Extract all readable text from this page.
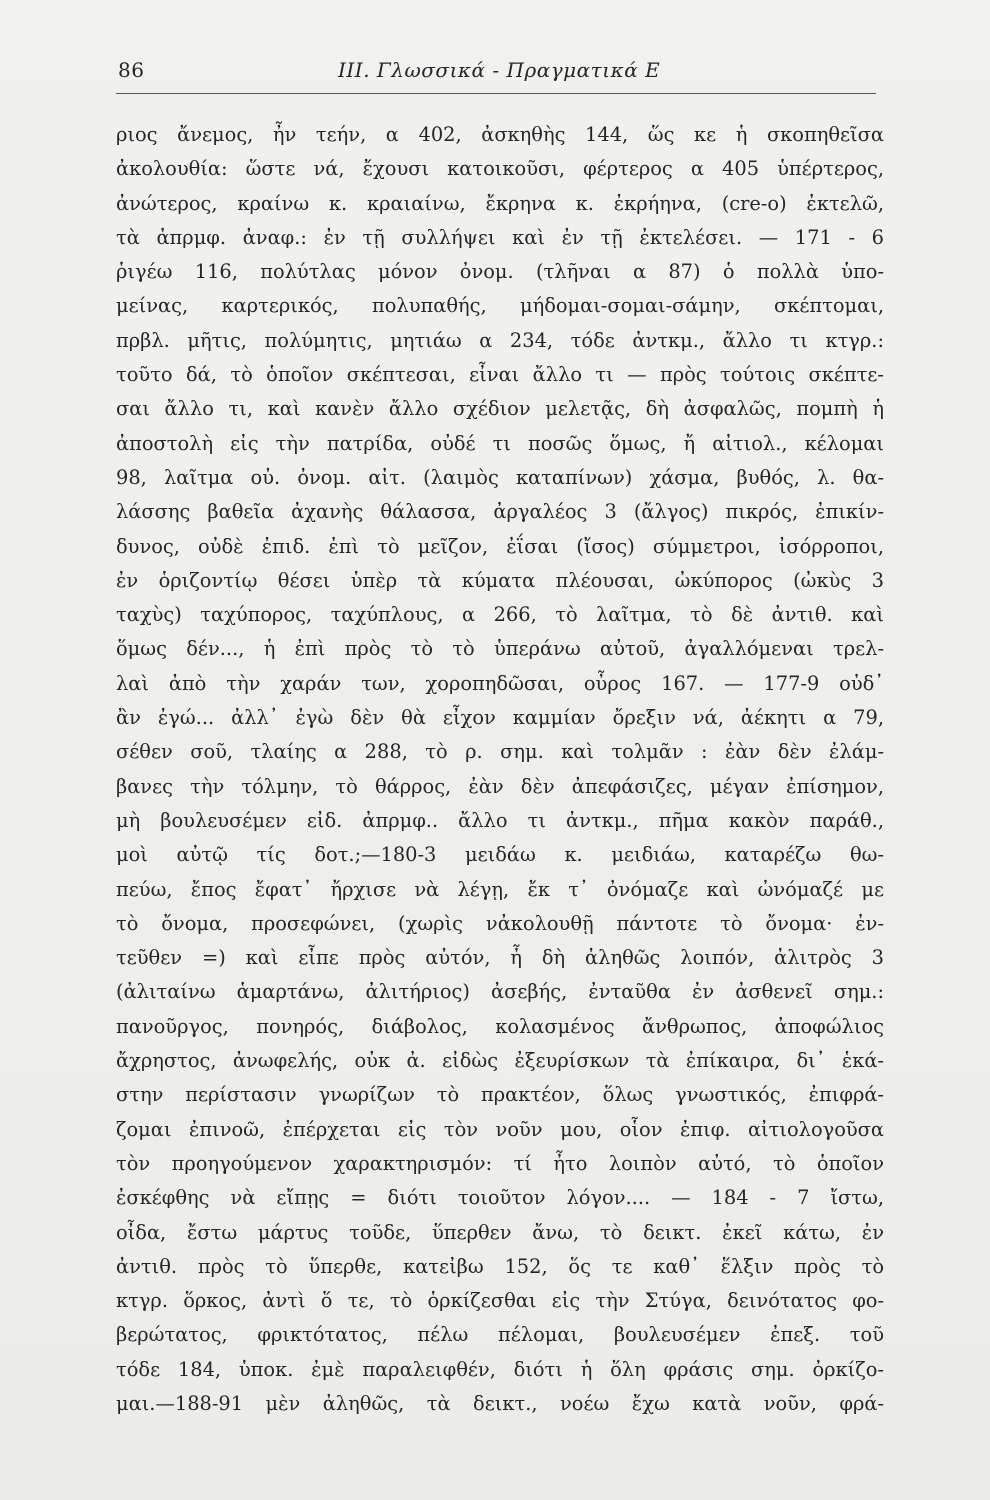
86	III. Γλωσσικά - Πραγματικά Ε
ριος ἄνεμος, ἦν τεήν, α 402, ἀσκηθὴς 144, ὥς κε ἡ σκοπηθεῖσα
ἀκολουθία: ὥστε νά, ἔχουσι κατοικοῦσι, φέρτερος α 405 ὑπέρτερος,
ἀνώτερος, κραίνω κ. κραιαίνω, ἔκρηνα κ. ἐκρήηνα, (cre-o) ἐκτελῶ,
τὰ ἀπρμφ. ἀναφ.: ἐν τῇ συλλήψει καὶ ἐν τῇ ἐκτελέσει. — 171 - 6
ῥιγέω 116, πολύτλας μόνον ὀνομ. (τλῆναι α 87) ὁ πολλὰ ὑπο-
μείνας, καρτερικός, πολυπαθής, μήδομαι-σομαι-σάμην, σκέπτομαι,
πρβλ. μῆτις, πολύμητις, μητιάω α 234, τόδε ἀντκμ., ἄλλο τι κτγρ.:
τοῦτο δά, τὸ ὁποῖον σκέπτεσαι, εἶναι ἄλλο τι — πρὸς τούτοις σκέπτε-
σαι ἄλλο τι, καὶ κανὲν ἄλλο σχέδιον μελετᾷς, δὴ ἀσφαλῶς, πομπὴ ἡ
ἀποστολὴ εἰς τὴν πατρίδα, οὐδέ τι ποσῶς ὅμως, ἤ αἰτιολ., κέλομαι
98, λαῖτμα οὐ. ὀνομ. αἰτ. (λαιμὸς καταπίνων) χάσμα, βυθός, λ. θα-
λάσσης βαθεῖα ἀχανὴς θάλασσα, ἀργαλέος 3 (ἄλγος) πικρός, ἐπικίν-
δυνος, οὐδὲ ἐπιδ. ἐπὶ τὸ μεῖζον, ἐΐσαι (ἴσος) σύμμετροι, ἰσόρροποι,
ἐν ὁριζοντίῳ θέσει ὑπὲρ τὰ κύματα πλέουσαι, ὠκύπορος (ὠκὺς 3
ταχὺς) ταχύπορος, ταχύπλους, α 266, τὸ λαῖτμα, τὸ δὲ ἀντιθ. καὶ
ὅμως δέν..., ἡ ἐπὶ πρὸς τὸ τὸ ὑπεράνω αὐτοῦ, ἀγαλλόμεναι τρελ-
λαὶ ἀπὸ τὴν χαράν των, χοροπηδῶσαι, οὖρος 167. — 177-9 οὐδ᾿
ἂν ἐγώ... ἀλλ᾿ ἐγὼ δὲν θὰ εἶχον καμμίαν ὄρεξιν νά, ἀέκητι α 79,
σέθεν σοῦ, τλαίης α 288, τὸ ρ. σημ. καὶ τολμᾶν : ἐὰν δὲν ἐλάμ-
βανες τὴν τόλμην, τὸ θάρρος, ἐὰν δὲν ἀπεφάσιζες, μέγαν ἐπίσημον,
μὴ βουλευσέμεν εἰδ. ἀπρμφ.. ἄλλο τι ἀντκμ., πῆμα κακὸν παράθ.,
μοὶ αὐτῷ τίς δοτ.;—180-3 μειδάω κ. μειδιάω, καταρέζω θω-
πεύω, ἔπος ἔφατ᾿ ἤρχισε νὰ λέγῃ, ἔκ τ᾿ ὀνόμαζε καὶ ὠνόμαζέ με
τὸ ὄνομα, προσεφώνει, (χωρὶς νἀκολουθῇ πάντοτε τὸ ὄνομα· ἐν-
τεῦθεν =) καὶ εἶπε πρὸς αὐτόν, ἦ δὴ ἀληθῶς λοιπόν, ἀλιτρὸς 3
(ἀλιταίνω ἁμαρτάνω, ἀλιτήριος) ἀσεβής, ἐνταῦθα ἐν ἀσθενεῖ σημ.:
πανοῦργος, πονηρός, διάβολος, κολασμένος ἄνθρωπος, ἀποφώλιος
ἄχρηστος, ἀνωφελής, οὐκ ἀ. εἰδὼς ἐξευρίσκων τὰ ἐπίκαιρα, δι᾿ ἑκά-
στην περίστασιν γνωρίζων τὸ πρακτέον, ὅλως γνωστικός, ἐπιφρά-
ζομαι ἐπινοῶ, ἐπέρχεται εἰς τὸν νοῦν μου, οἷον ἐπιφ. αἰτιολογοῦσα
τὸν προηγούμενον χαρακτηρισμόν: τί ἦτο λοιπὸν αὐτό, τὸ ὁποῖον
ἐσκέφθης νὰ εἴπῃς = διότι τοιοῦτον λόγον.... — 184 - 7 ἴστω,
οἶδα, ἔστω μάρτυς τοῦδε, ὕπερθεν ἄνω, τὸ δεικτ. ἐκεῖ κάτω, ἐν
ἀντιθ. πρὸς τὸ ὕπερθε, κατεἰβω 152, ὅς τε καθ᾿ ἕλξιν πρὸς τὸ
κτγρ. ὅρκος, ἀντὶ ὅ τε, τὸ ὁρκίζεσθαι εἰς τὴν Στύγα, δεινότατος φο-
βερώτατος, φρικτότατος, πέλω πέλομαι, βουλευσέμεν ἐπεξ. τοῦ
τόδε 184, ὑποκ. ἐμὲ παραλειφθέν, διότι ἡ ὅλη φράσις σημ. ὀρκίζο-
μαι.—188-91 μὲν ἀληθῶς, τὰ δεικτ., νοέω ἔχω κατὰ νοῦν, φρά-
